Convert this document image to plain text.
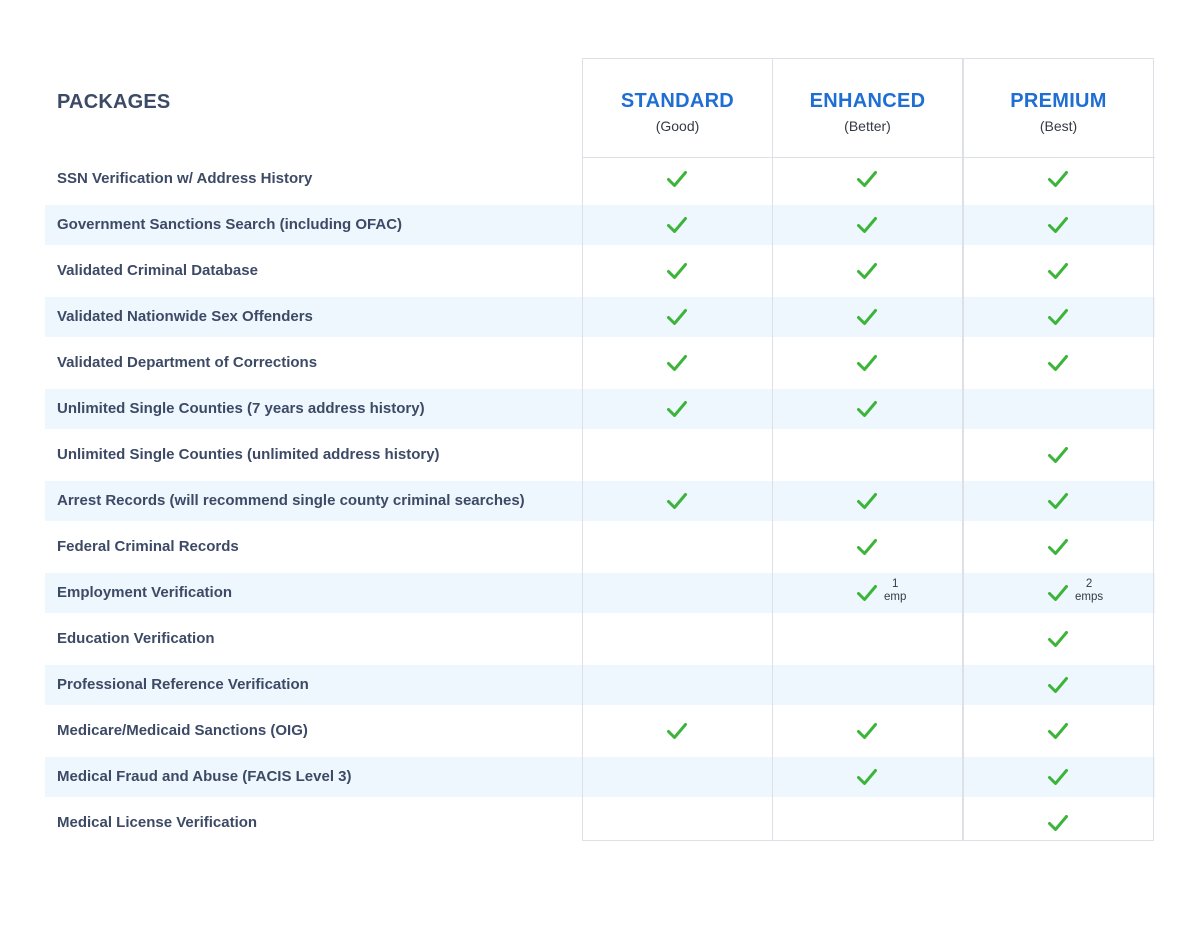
PACKAGES	STANDARD
(Good)
ENHANCED
(Better)
PREMIUM
(Best)
SSN Verification w/ Address History
Government Sanctions Search (including OFAC)
Validated Criminal Database
Validated Nationwide Sex Offenders
Validated Department of Corrections
Unlimited Single Counties (7 years address history)
Unlimited Single Counties (unlimited address history)
Arrest Records (will recommend single county criminal searches)
Federal Criminal Records
Employment Verification	1
emp
2
emps
Education Verification
Professional Reference Verification
Medicare/Medicaid Sanctions (OIG)
Medical Fraud and Abuse (FACIS Level 3)
Medical License Verification
